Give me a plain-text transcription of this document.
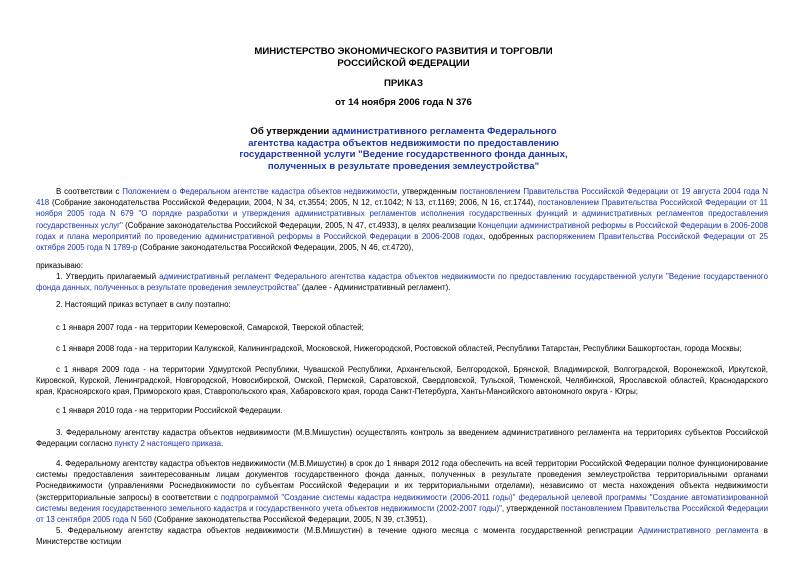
МИНИСТЕРСТВО ЭКОНОМИЧЕСКОГО РАЗВИТИЯ И ТОРГОВЛИ
РОССИЙСКОЙ ФЕДЕРАЦИИ
ПРИКАЗ
от 14 ноября 2006 года N 376
Об утверждении административного регламента Федерального агентства кадастра объектов недвижимости по предоставлению государственной услуги "Ведение государственного фонда данных, полученных в результате проведения землеустройства"

В соответствии с Положением о Федеральном агентстве кадастра объектов недвижимости, утвержденным постановлением Правительства Российской Федерации от 19 августа 2004 года N 418 (Собрание законодательства Российской Федерации, 2004, N 34, ст.3554; 2005, N 12, ст.1042; N 13, ст.1169; 2006, N 16, ст.1744), постановлением Правительства Российской Федерации от 11 ноября 2005 года N 679 "О порядке разработки и утверждения административных регламентов исполнения государственных функций и административных регламентов предоставления государственных услуг" (Собрание законодательства Российской Федерации, 2005, N 47, ст.4933), в целях реализации Концепции административной реформы в Российской Федерации в 2006-2008 годах и плана мероприятий по проведению административной реформы в Российской Федерации в 2006-2008 годах, одобренных распоряжением Правительства Российской Федерации от 25 октября 2005 года N 1789-р (Собрание законодательства Российской Федерации, 2005, N 46, ст.4720),

приказываю:

1. Утвердить прилагаемый административный регламент Федерального агентства кадастра объектов недвижимости по предоставлению государственной услуги "Ведение государственного фонда данных, полученных в результате проведения землеустройства" (далее - Административный регламент).

2. Настоящий приказ вступает в силу поэтапно:

с 1 января 2007 года - на территории Кемеровской, Самарской, Тверской областей;

с 1 января 2008 года - на территории Калужской, Калининградской, Московской, Нижегородской, Ростовской областей, Республики Татарстан, Республики Башкортостан, города Москвы;

с 1 января 2009 года - на территории Удмуртской Республики, Чувашской Республики, Архангельской, Белгородской, Брянской, Владимирской, Волгоградской, Воронежской, Иркутской, Кировской, Курской, Ленинградской, Новгородской, Новосибирской, Омской, Пермской, Саратовской, Свердловской, Тульской, Тюменской, Челябинской, Ярославской областей, Краснодарского края, Красноярского края, Приморского края, Ставропольского края, Хабаровского края, города Санкт-Петербурга, Ханты-Мансийского автономного округа - Югры;

с 1 января 2010 года - на территории Российской Федерации.

3. Федеральному агентству кадастра объектов недвижимости (М.В.Мишустин) осуществлять контроль за введением административного регламента на территориях субъектов Российской Федерации согласно пункту 2 настоящего приказа.

4. Федеральному агентству кадастра объектов недвижимости (М.В.Мишустин) в срок до 1 января 2012 года обеспечить на всей территории Российской Федерации полное функционирование системы предоставления заинтересованным лицам документов государственного фонда данных, полученных в результате проведения землеустройства территориальными органами Роснедвижимости (управлениями Роснедвижимости по субъектам Российской Федерации и их территориальными отделами), независимо от места нахождения объекта недвижимости (экстерриториальные запросы) в соответствии с подпрограммой "Создание системы кадастра недвижимости (2006-2011 годы)" федеральной целевой программы "Создание автоматизированной системы ведения государственного земельного кадастра и государственного учета объектов недвижимости (2002-2007 годы)", утвержденной постановлением Правительства Российской Федерации от 13 сентября 2005 года N 560 (Собрание законодательства Российской Федерации, 2005, N 39, ст.3951).

5. Федеральному агентству кадастра объектов недвижимости (М.В.Мишустин) в течение одного месяца с момента государственной регистрации Административного регламента в Министерстве юстиции
